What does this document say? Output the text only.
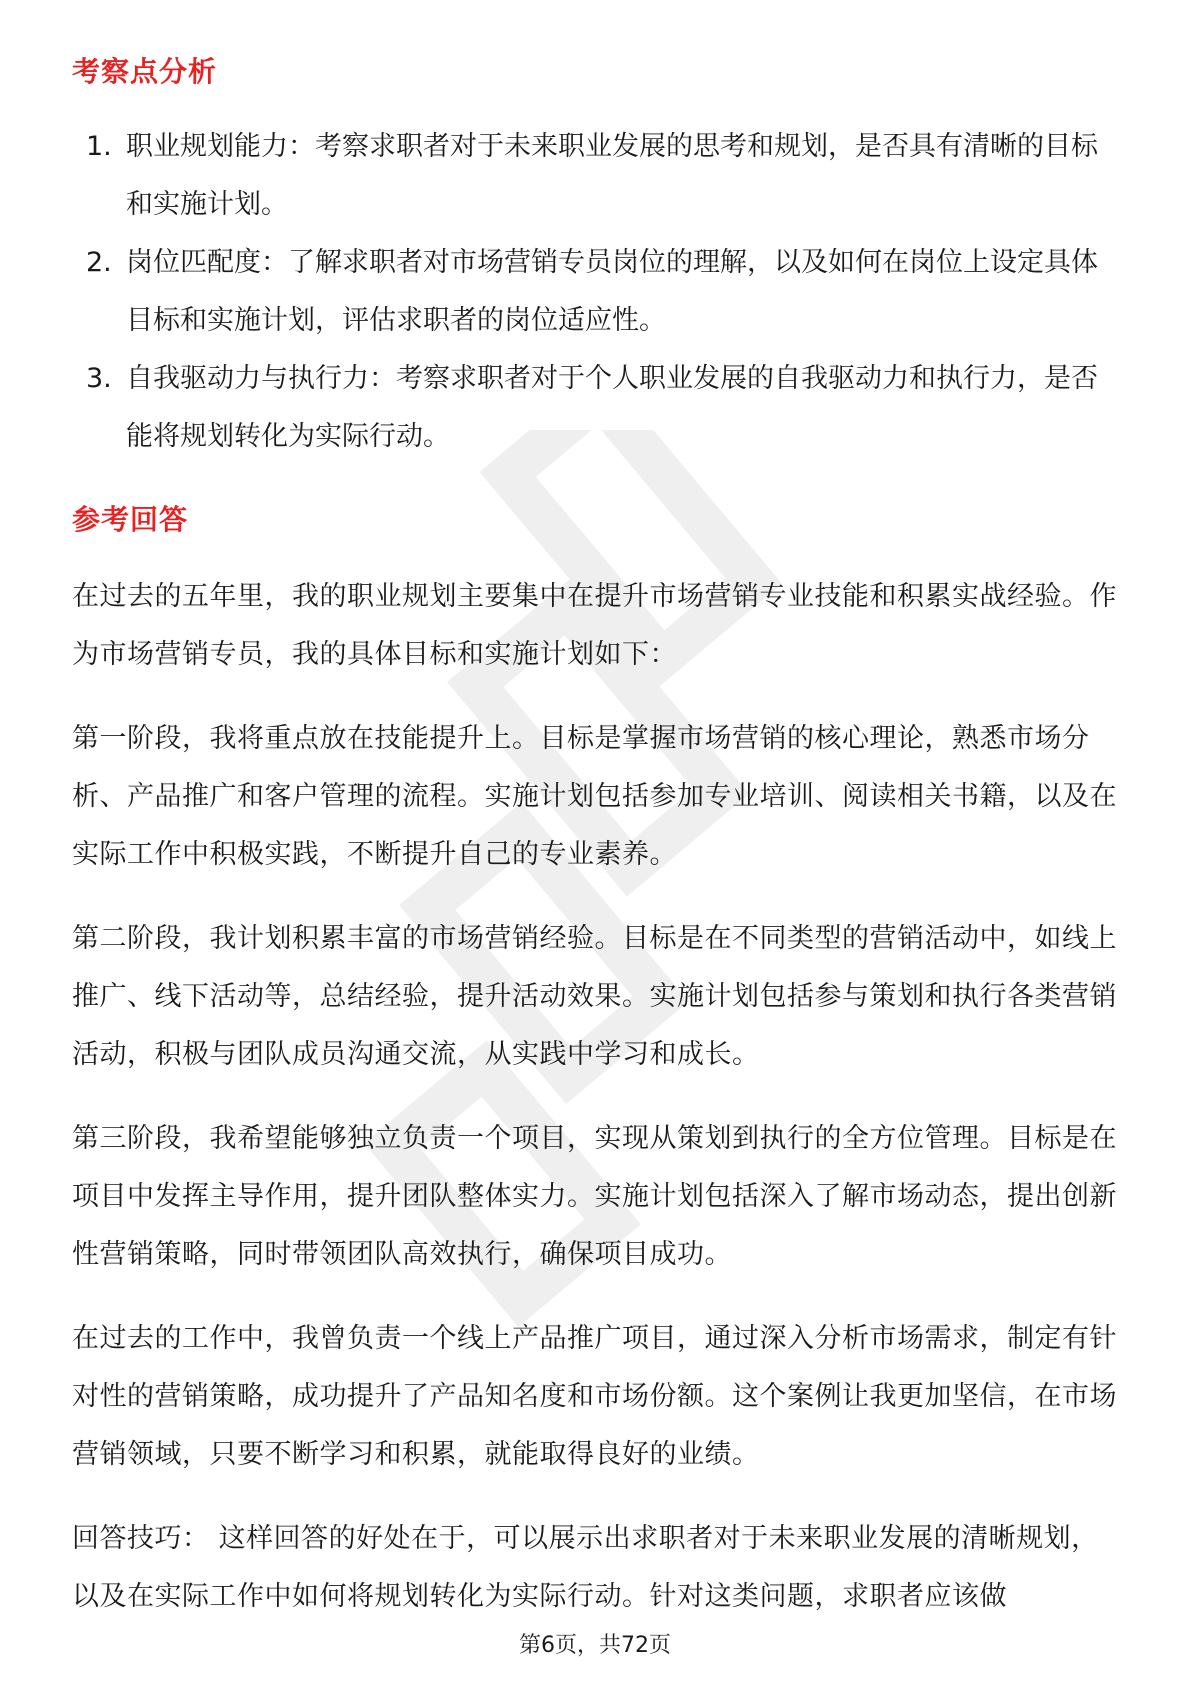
考察点分析
1. 职业规划能力：考察求职者对于未来职业发展的思考和规划，是否具有清晰的目标和实施计划。
2. 岗位匹配度：了解求职者对市场营销专员岗位的理解，以及如何在岗位上设定具体目标和实施计划，评估求职者的岗位适应性。
3. 自我驱动力与执行力：考察求职者对于个人职业发展的自我驱动力和执行力，是否能将规划转化为实际行动。
参考回答

在过去的五年里，我的职业规划主要集中在提升市场营销专业技能和积累实战经验。作为市场营销专员，我的具体目标和实施计划如下：

第一阶段，我将重点放在技能提升上。目标是掌握市场营销的核心理论，熟悉市场分析、产品推广和客户管理的流程。实施计划包括参加专业培训、阅读相关书籍，以及在实际工作中积极实践，不断提升自己的专业素养。

第二阶段，我计划积累丰富的市场营销经验。目标是在不同类型的营销活动中，如线上推广、线下活动等，总结经验，提升活动效果。实施计划包括参与策划和执行各类营销活动，积极与团队成员沟通交流，从实践中学习和成长。

第三阶段，我希望能够独立负责一个项目，实现从策划到执行的全方位管理。目标是在项目中发挥主导作用，提升团队整体实力。实施计划包括深入了解市场动态，提出创新性营销策略，同时带领团队高效执行，确保项目成功。

在过去的工作中，我曾负责一个线上产品推广项目，通过深入分析市场需求，制定有针对性的营销策略，成功提升了产品知名度和市场份额。这个案例让我更加坚信，在市场营销领域，只要不断学习和积累，就能取得良好的业绩。

回答技巧： 这样回答的好处在于，可以展示出求职者对于未来职业发展的清晰规划，以及在实际工作中如何将规划转化为实际行动。针对这类问题，求职者应该做

第6页，共72页
